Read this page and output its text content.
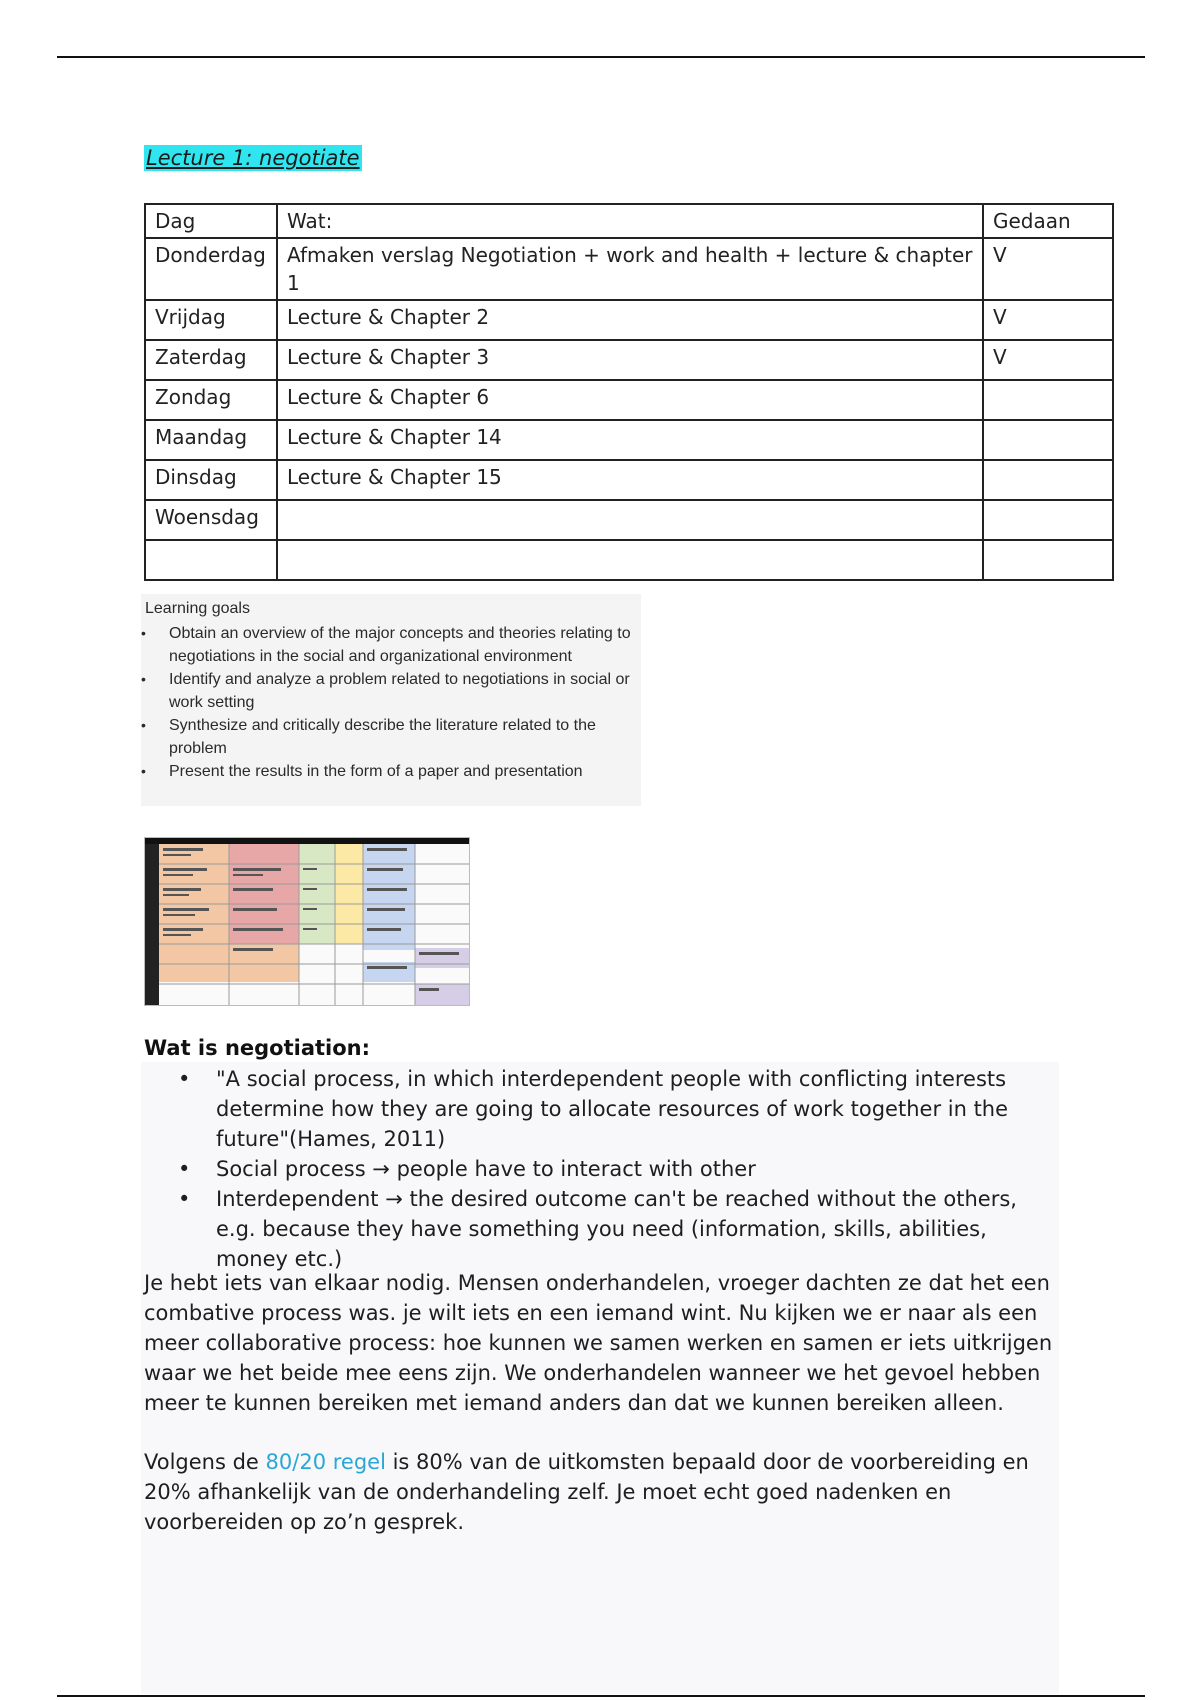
Lecture 1: negotiate
Dag	Wat:	Gedaan
Donderdag	Afmaken verslag Negotiation + work and health + lecture & chapter 1	V
Vrijdag	Lecture & Chapter 2	V
Zaterdag	Lecture & Chapter 3	V
Zondag	Lecture & Chapter 6	
Maandag	Lecture & Chapter 14	
Dinsdag	Lecture & Chapter 15	
Woensdag		

Learning goals
• Obtain an overview of the major concepts and theories relating to negotiations in the social and organizational environment
• Identify and analyze a problem related to negotiations in social or work setting
• Synthesize and critically describe the literature related to the problem
• Present the results in the form of a paper and presentation
Wat is negotiation:
• "A social process, in which interdependent people with conflicting interests determine how they are going to allocate resources of work together in the future"(Hames, 2011)
• Social process → people have to interact with other
• Interdependent → the desired outcome can't be reached without the others, e.g. because they have something you need (information, skills, abilities, money etc.)

Je hebt iets van elkaar nodig. Mensen onderhandelen, vroeger dachten ze dat het een combative process was. je wilt iets en een iemand wint. Nu kijken we er naar als een meer collaborative process: hoe kunnen we samen werken en samen er iets uitkrijgen waar we het beide mee eens zijn. We onderhandelen wanneer we het gevoel hebben meer te kunnen bereiken met iemand anders dan dat we kunnen bereiken alleen.

Volgens de 80/20 regel is 80% van de uitkomsten bepaald door de voorbereiding en 20% afhankelijk van de onderhandeling zelf. Je moet echt goed nadenken en voorbereiden op zo’n gesprek.
